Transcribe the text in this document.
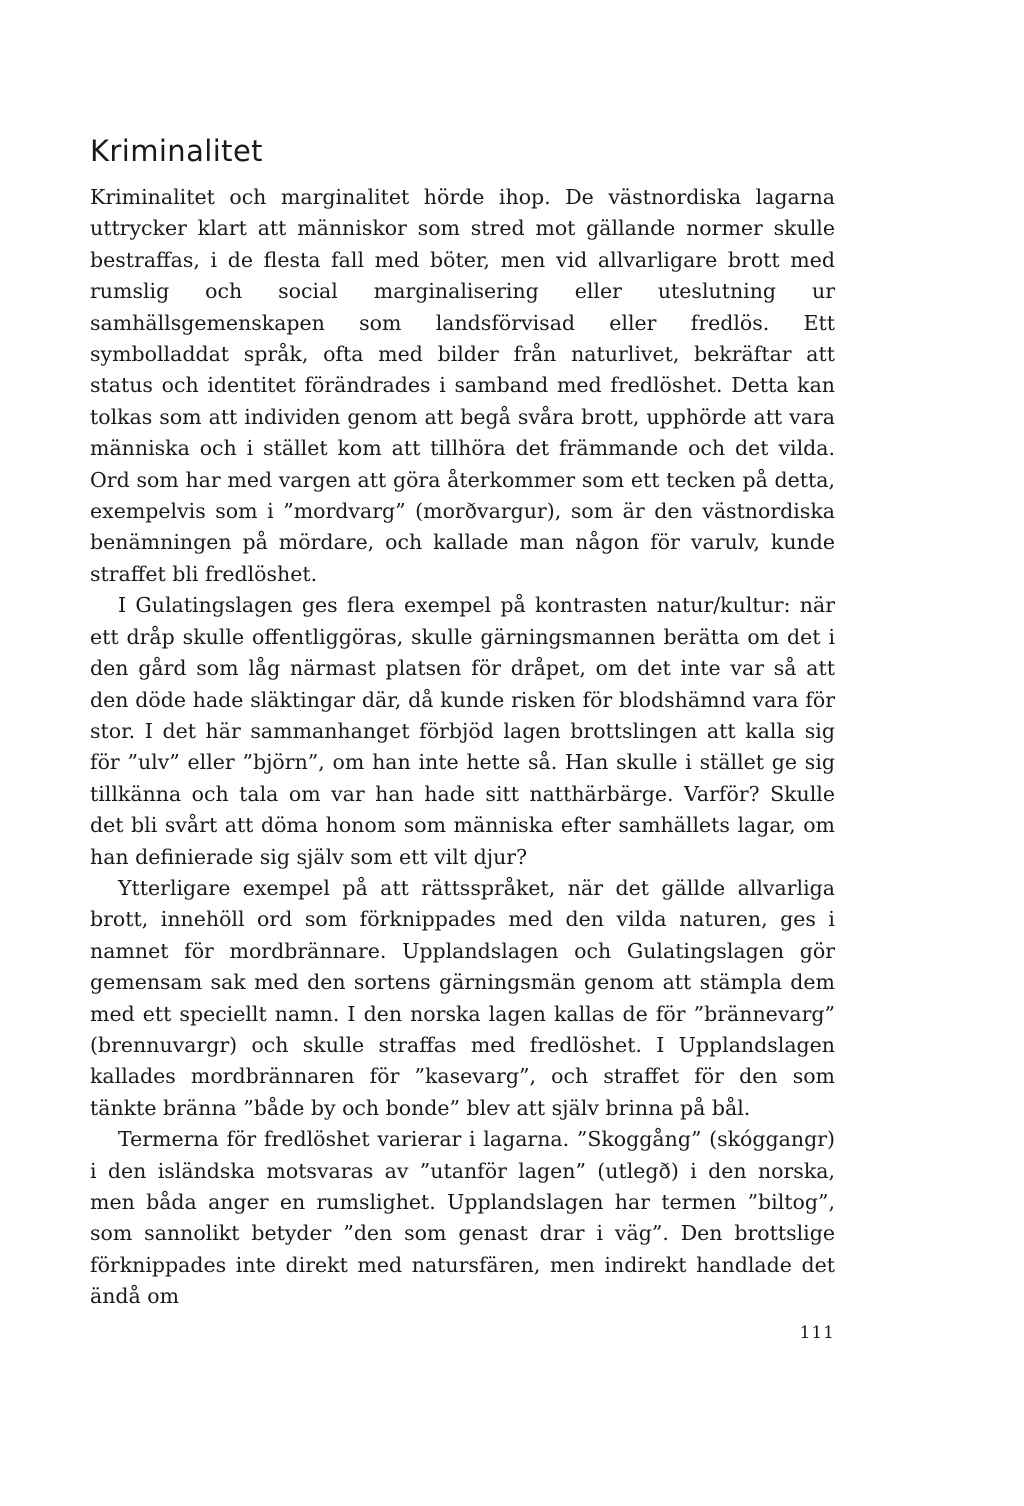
Kriminalitet

Kriminalitet och marginalitet hörde ihop. De västnordiska lagarna uttrycker klart att människor som stred mot gällande normer skulle bestraffas, i de flesta fall med böter, men vid allvarligare brott med rumslig och social marginalisering eller uteslutning ur samhällsgemenskapen som landsförvisad eller fredlös. Ett symbolladdat språk, ofta med bilder från naturlivet, bekräftar att status och identitet förändrades i samband med fredlöshet. Detta kan tolkas som att individen genom att begå svåra brott, upphörde att vara människa och i stället kom att tillhöra det främmande och det vilda. Ord som har med vargen att göra återkommer som ett tecken på detta, exempelvis som i ”mordvarg” (morðvargur), som är den västnordiska benämningen på mördare, och kallade man någon för varulv, kunde straffet bli fredlöshet.

I Gulatingslagen ges flera exempel på kontrasten natur/kultur: när ett dråp skulle offentliggöras, skulle gärningsmannen berätta om det i den gård som låg närmast platsen för dråpet, om det inte var så att den döde hade släktingar där, då kunde risken för blodshämnd vara för stor. I det här sammanhanget förbjöd lagen brottslingen att kalla sig för ”ulv” eller ”björn”, om han inte hette så. Han skulle i stället ge sig tillkänna och tala om var han hade sitt natthärbärge. Varför? Skulle det bli svårt att döma honom som människa efter samhällets lagar, om han definierade sig själv som ett vilt djur?

Ytterligare exempel på att rättsspråket, när det gällde allvarliga brott, innehöll ord som förknippades med den vilda naturen, ges i namnet för mordbrännare. Upplandslagen och Gulatingslagen gör gemensam sak med den sortens gärningsmän genom att stämpla dem med ett speciellt namn. I den norska lagen kallas de för ”brännevarg” (brennuvargr) och skulle straffas med fredlöshet. I Upplandslagen kallades mordbrännaren för ”kasevarg”, och straffet för den som tänkte bränna ”både by och bonde” blev att själv brinna på bål.

Termerna för fredlöshet varierar i lagarna. ”Skoggång” (skóggangr) i den isländska motsvaras av ”utanför lagen” (utlegð) i den norska, men båda anger en rumslighet. Upplandslagen har termen ”biltog”, som sannolikt betyder ”den som genast drar i väg”. Den brottslige förknippades inte direkt med natursfären, men indirekt handlade det ändå om

111
